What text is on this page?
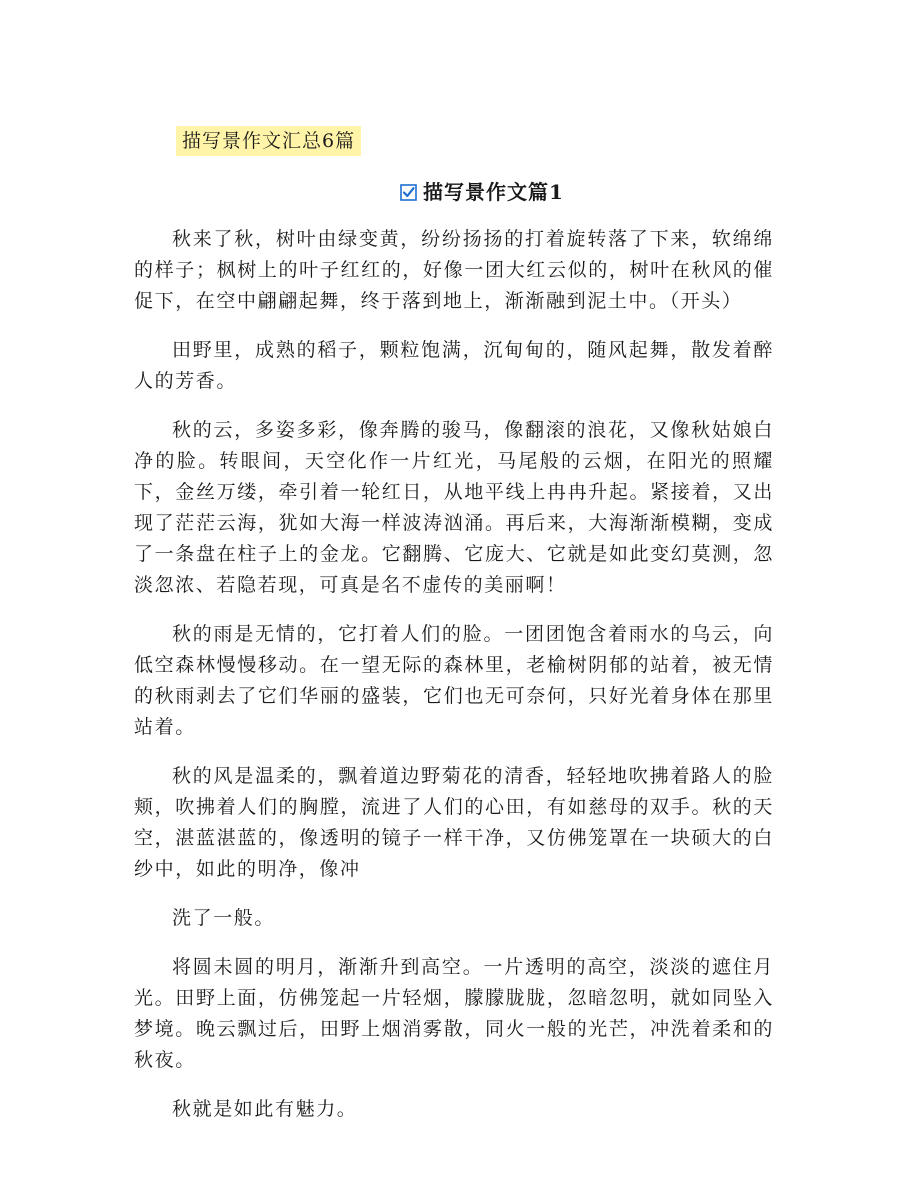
描写景作文汇总6篇
描写景作文篇1

秋来了秋，树叶由绿变黄，纷纷扬扬的打着旋转落了下来，软绵绵的样子；枫树上的叶子红红的，好像一团大红云似的，树叶在秋风的催促下，在空中翩翩起舞，终于落到地上，渐渐融到泥土中。（开头）

田野里，成熟的稻子，颗粒饱满，沉甸甸的，随风起舞，散发着醉人的芳香。

秋的云，多姿多彩，像奔腾的骏马，像翻滚的浪花，又像秋姑娘白净的脸。转眼间，天空化作一片红光，马尾般的云烟，在阳光的照耀下，金丝万缕，牵引着一轮红日，从地平线上冉冉升起。紧接着，又出现了茫茫云海，犹如大海一样波涛汹涌。再后来，大海渐渐模糊，变成了一条盘在柱子上的金龙。它翻腾、它庞大、它就是如此变幻莫测，忽淡忽浓、若隐若现，可真是名不虚传的美丽啊！

秋的雨是无情的，它打着人们的脸。一团团饱含着雨水的乌云，向低空森林慢慢移动。在一望无际的森林里，老榆树阴郁的站着，被无情的秋雨剥去了它们华丽的盛装，它们也无可奈何，只好光着身体在那里站着。

秋的风是温柔的，飘着道边野菊花的清香，轻轻地吹拂着路人的脸颊，吹拂着人们的胸膛，流进了人们的心田，有如慈母的双手。秋的天空，湛蓝湛蓝的，像透明的镜子一样干净，又仿佛笼罩在一块硕大的白纱中，如此的明净，像冲

洗了一般。

将圆未圆的明月，渐渐升到高空。一片透明的高空，淡淡的遮住月光。田野上面，仿佛笼起一片轻烟，朦朦胧胧，忽暗忽明，就如同坠入梦境。晚云飘过后，田野上烟消雾散，同火一般的光芒，冲洗着柔和的秋夜。

秋就是如此有魅力。
